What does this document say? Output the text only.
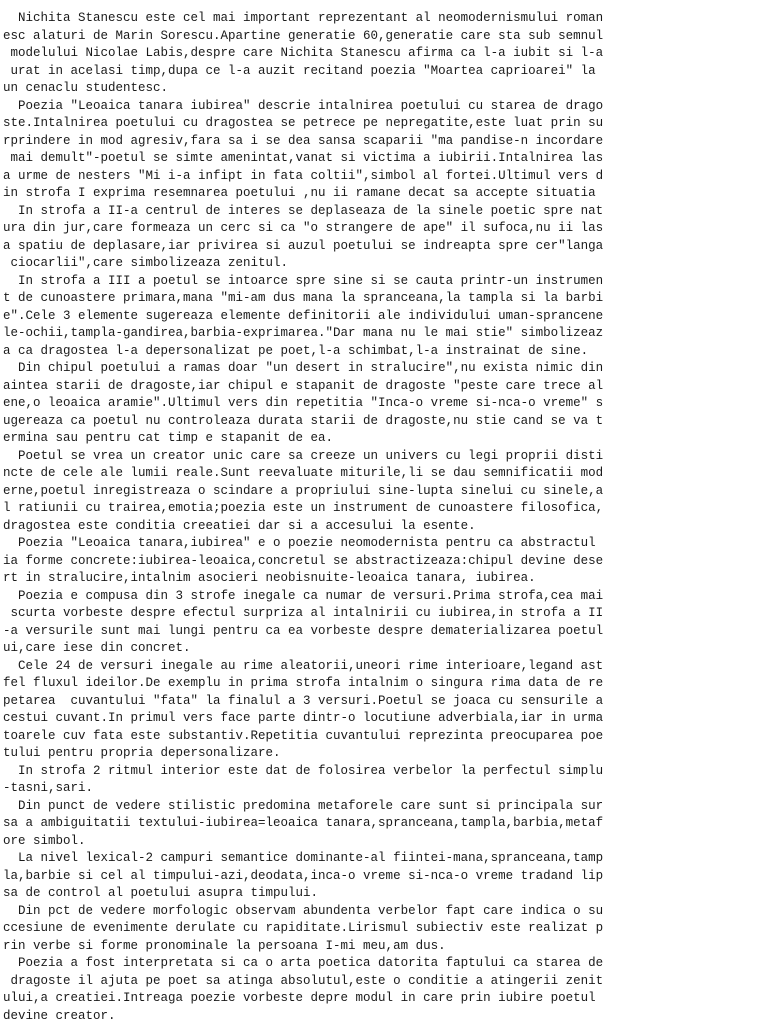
Nichita Stanescu este cel mai important reprezentant al neomodernismului roman
esc alaturi de Marin Sorescu.Apartine generatie 60,generatie care sta sub semnul
modelului Nicolae Labis,despre care Nichita Stanescu afirma ca l-a iubit si l-a
urat in acelasi timp,dupa ce l-a auzit recitand poezia "Moartea caprioarei" la
un cenaclu studentesc.
Poezia "Leoaica tanara iubirea" descrie intalnirea poetului cu starea de drago
ste.Intalnirea poetului cu dragostea se petrece pe nepregatite,este luat prin su
rprindere in mod agresiv,fara sa i se dea sansa scaparii "ma pandise-n incordare
mai demult"-poetul se simte amenintat,vanat si victima a iubirii.Intalnirea las
a urme de nesters "Mi i-a infipt in fata coltii",simbol al fortei.Ultimul vers d
in strofa I exprima resemnarea poetului ,nu ii ramane decat sa accepte situatia
In strofa a II-a centrul de interes se deplaseaza de la sinele poetic spre nat
ura din jur,care formeaza un cerc si ca "o strangere de ape" il sufoca,nu ii las
a spatiu de deplasare,iar privirea si auzul poetului se indreapta spre cer"langa
ciocarlii",care simbolizeaza zenitul.
In strofa a III a poetul se intoarce spre sine si se cauta printr-un instrumen
t de cunoastere primara,mana "mi-am dus mana la spranceana,la tampla si la barbi
e".Cele 3 elemente sugereaza elemente definitorii ale individului uman-sprancene
le-ochii,tampla-gandirea,barbia-exprimarea."Dar mana nu le mai stie" simbolizeaz
a ca dragostea l-a depersonalizat pe poet,l-a schimbat,l-a instrainat de sine.
Din chipul poetului a ramas doar "un desert in stralucire",nu exista nimic din
aintea starii de dragoste,iar chipul e stapanit de dragoste "peste care trece al
ene,o leoaica aramie".Ultimul vers din repetitia "Inca-o vreme si-nca-o vreme" s
ugereaza ca poetul nu controleaza durata starii de dragoste,nu stie cand se va t
ermina sau pentru cat timp e stapanit de ea.
Poetul se vrea un creator unic care sa creeze un univers cu legi proprii disti
ncte de cele ale lumii reale.Sunt reevaluate miturile,li se dau semnificatii mod
erne,poetul inregistreaza o scindare a propriului sine-lupta sinelui cu sinele,a
l ratiunii cu trairea,emotia;poezia este un instrument de cunoastere filosofica,
dragostea este conditia creeatiei dar si a accesului la esente.
Poezia "Leoaica tanara,iubirea" e o poezie neomodernista pentru ca abstractul
ia forme concrete:iubirea-leoaica,concretul se abstractizeaza:chipul devine dese
rt in stralucire,intalnim asocieri neobisnuite-leoaica tanara, iubirea.
Poezia e compusa din 3 strofe inegale ca numar de versuri.Prima strofa,cea mai
scurta vorbeste despre efectul surpriza al intalnirii cu iubirea,in strofa a II
-a versurile sunt mai lungi pentru ca ea vorbeste despre dematerializarea poetul
ui,care iese din concret.
Cele 24 de versuri inegale au rime aleatorii,uneori rime interioare,legand ast
fel fluxul ideilor.De exemplu in prima strofa intalnim o singura rima data de re
petarea  cuvantului "fata" la finalul a 3 versuri.Poetul se joaca cu sensurile a
cestui cuvant.In primul vers face parte dintr-o locutiune adverbiala,iar in urma
toarele cuv fata este substantiv.Repetitia cuvantului reprezinta preocuparea poe
tului pentru propria depersonalizare.
In strofa 2 ritmul interior este dat de folosirea verbelor la perfectul simplu
-tasni,sari.
Din punct de vedere stilistic predomina metaforele care sunt si principala sur
sa a ambiguitatii textului-iubirea=leoaica tanara,spranceana,tampla,barbia,metaf
ore simbol.
La nivel lexical-2 campuri semantice dominante-al fiintei-mana,spranceana,tamp
la,barbie si cel al timpului-azi,deodata,inca-o vreme si-nca-o vreme tradand lip
sa de control al poetului asupra timpului.
Din pct de vedere morfologic observam abundenta verbelor fapt care indica o su
ccesiune de evenimente derulate cu rapiditate.Lirismul subiectiv este realizat p
rin verbe si forme pronominale la persoana I-mi meu,am dus.
Poezia a fost interpretata si ca o arta poetica datorita faptului ca starea de
dragoste il ajuta pe poet sa atinga absolutul,este o conditie a atingerii zenit
ului,a creatiei.Intreaga poezie vorbeste depre modul in care prin iubire poetul
devine creator.
